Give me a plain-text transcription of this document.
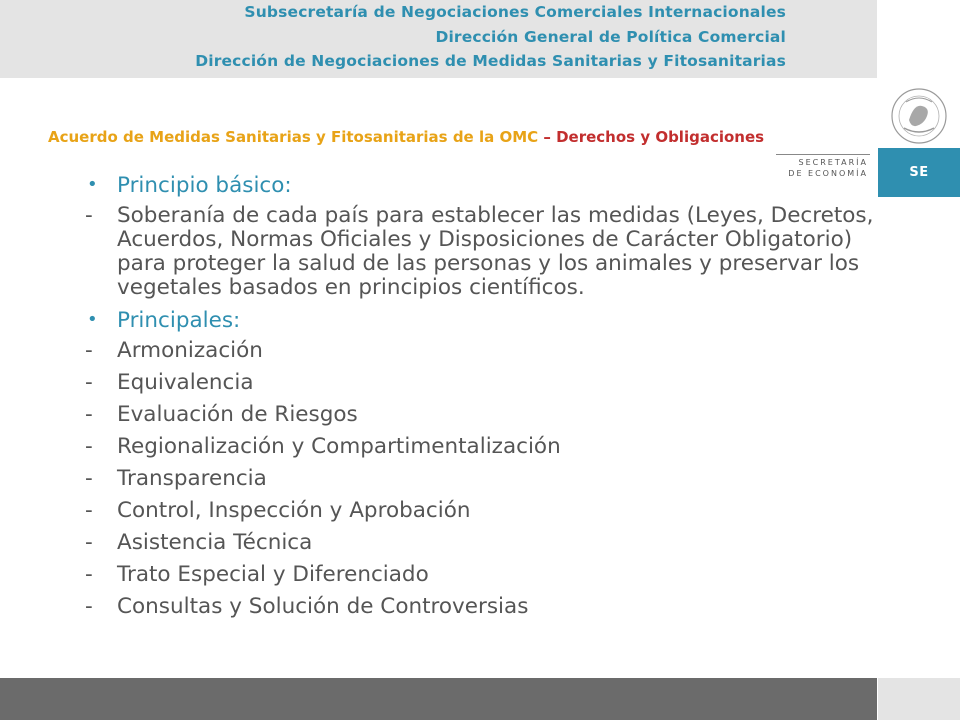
Subsecretaría de Negociaciones Comerciales Internacionales

Dirección General de Política Comercial

Dirección de Negociaciones de Medidas Sanitarias y Fitosanitarias

SECRETARÍA
DE ECONOMÍA	SE

Acuerdo de Medidas Sanitarias y Fitosanitarias de la OMC – Derechos y Obligaciones

• Principio básico:

-	Soberanía de cada país para establecer las medidas (Leyes, Decretos, Acuerdos, Normas Oficiales y Disposiciones de Carácter Obligatorio) para proteger la salud de las personas y los animales y preservar los vegetales basados en principios científicos.

• Principales:

-	Armonización

-	Equivalencia

-	Evaluación de Riesgos

-	Regionalización y Compartimentalización

-	Transparencia

-	Control, Inspección y Aprobación

-	Asistencia Técnica

-	Trato Especial y Diferenciado

-	Consultas y Solución de Controversias
